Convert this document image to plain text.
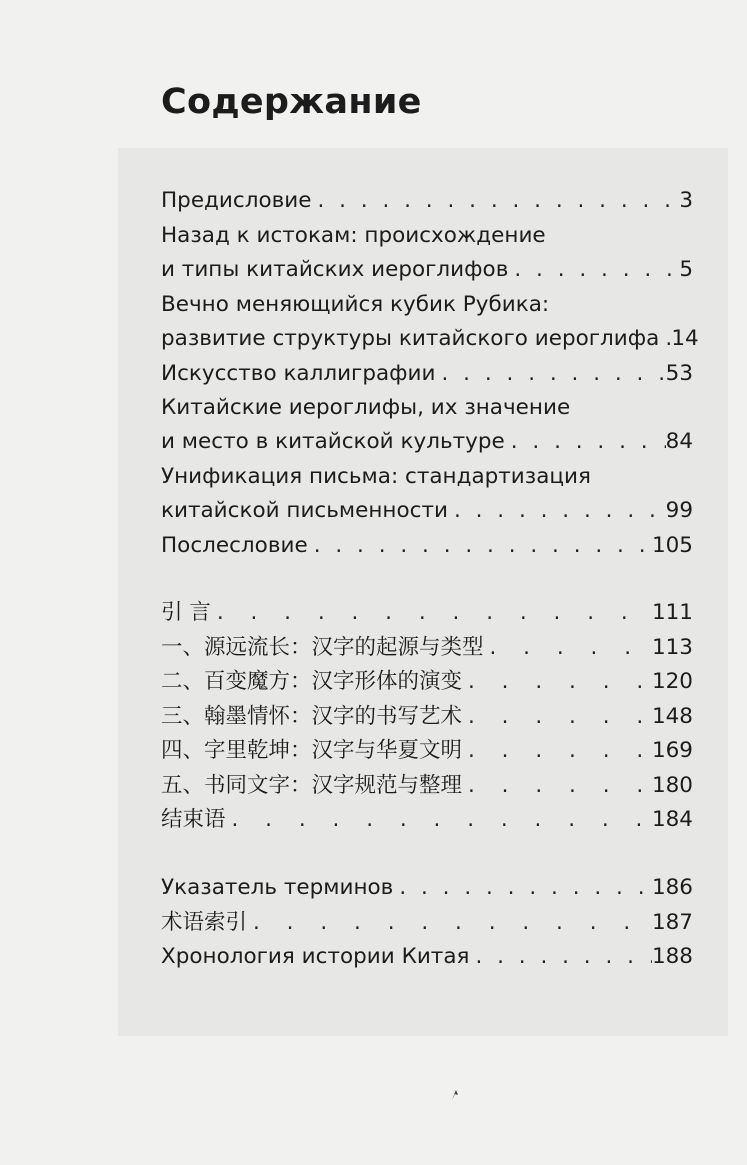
Содержание
Предисловие . . .	3
Назад к истокам: происхождение
и типы китайских иероглифов . . .	5
Вечно меняющийся кубик Рубика:
развитие структуры китайского иероглифа . . . 14
Искусство каллиграфии . . .	53
Китайские иероглифы, их значение
и место в китайской культуре . . .	84
Унификация письма: стандартизация
китайской письменности . . .	99
Послесловие . . .	105
引 言 . . .	111
一、源远流长：汉字的起源与类型 . . .	113
二、百变魔方：汉字形体的演变 . . .	120
三、翰墨情怀：汉字的书写艺术 . . .	148
四、字里乾坤：汉字与华夏文明 . . .	169
五、书同文字：汉字规范与整理 . . .	180
结束语 . . .	184
Указатель терминов . . .	186
术语索引 . . .	187
Хронология истории Китая . . .	188
